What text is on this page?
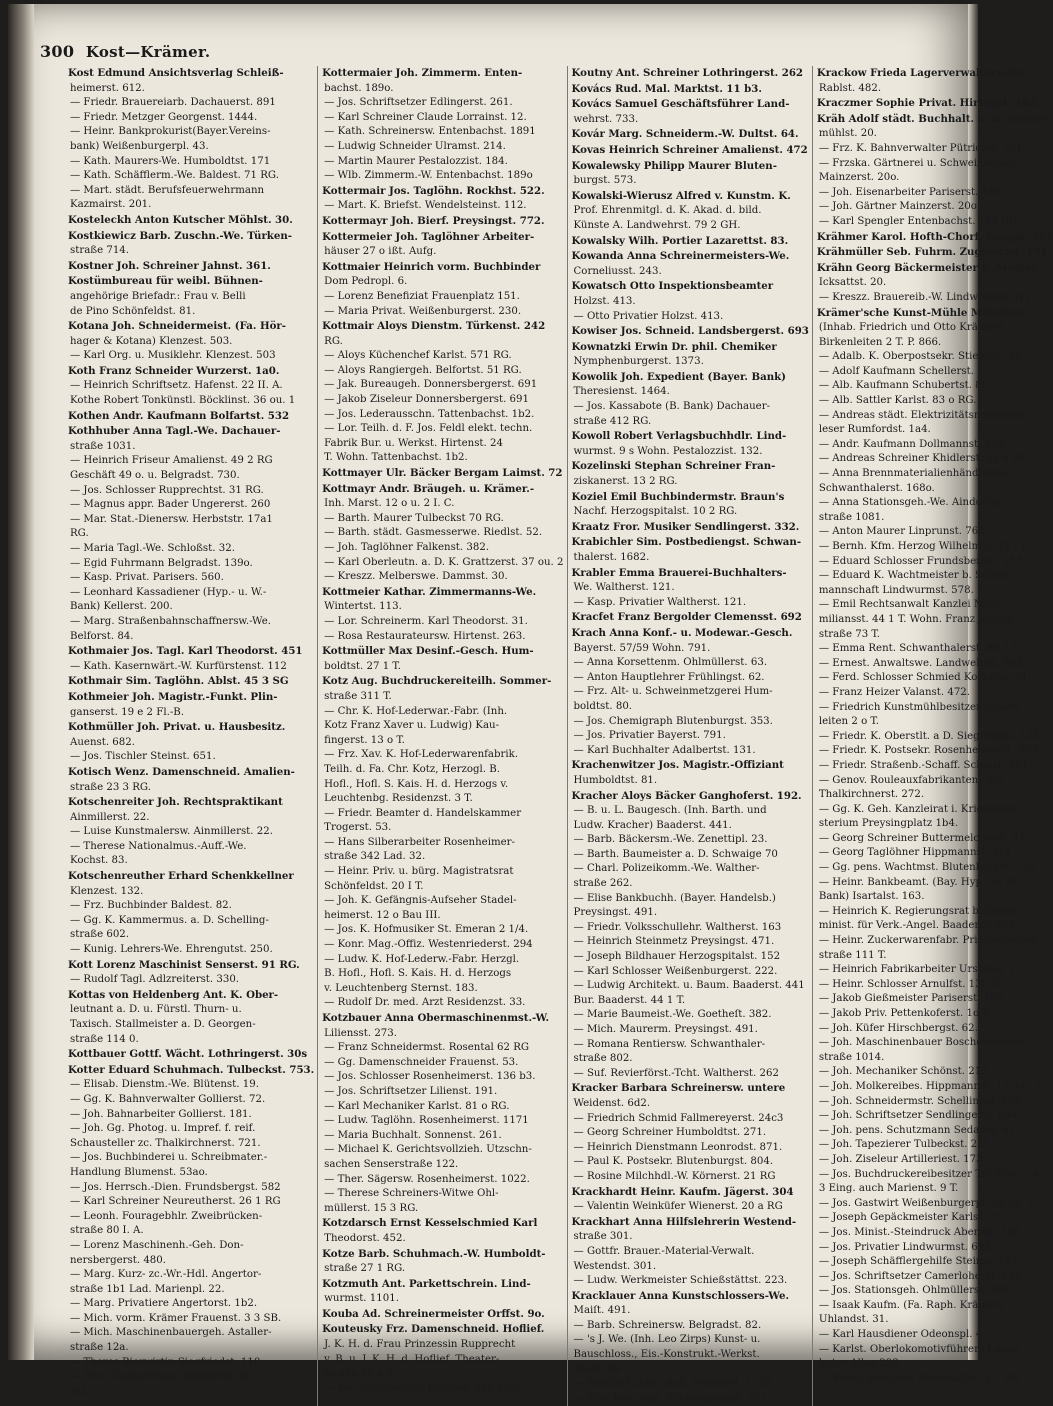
300 Kost—Krämer.
Kost Edmund Ansichtsverlag Schleiß-
heimerst. 612.
— Friedr. Brauereiarb. Dachauerst. 891
— Friedr. Metzger Georgenst. 1444.
— Heinr. Bankprokurist(Bayer.Vereins-
bank) Weißenburgerpl. 43.
— Kath. Maurers-We. Humboldtst. 171
— Kath. Schäfflerm.-We. Baldest. 71 RG.
— Mart. städt. Berufsfeuerwehrmann
Kazmairst. 201.
Kosteleckh Anton Kutscher Möhlst. 30.
Kostkiewicz Barb. Zuschn.-We. Türken-
straße 714.
Kostner Joh. Schreiner Jahnst. 361.
Kostümbureau für weibl. Bühnen-
angehörige Briefadr.: Frau v. Belli
de Pino Schönfeldst. 81.
Kotana Joh. Schneidermeist. (Fa. Hör-
hager & Kotana) Klenzest. 503.
— Karl Org. u. Musiklehr. Klenzest. 503
Koth Franz Schneider Wurzerst. 1a0.
— Heinrich Schriftsetz. Hafenst. 22 II. A.
Kothe Robert Tonkünstl. Böcklinst. 36 ou. 1
Kothen Andr. Kaufmann Bolfartst. 532
Kothhuber Anna Tagl.-We. Dachauer-
straße 1031.
— Heinrich Friseur Amalienst. 49 2 RG
Geschäft 49 o. u. Belgradst. 730.
— Jos. Schlosser Rupprechtst. 31 RG.
— Magnus appr. Bader Ungererst. 260
— Mar. Stat.-Dienersw. Herbststr. 17a1
RG.
— Maria Tagl.-We. Schloßst. 32.
— Egid Fuhrmann Belgradst. 139o.
— Kasp. Privat. Parisers. 560.
— Leonhard Kassadiener (Hyp.- u. W.-
Bank) Kellerst. 200.
— Marg. Straßenbahnschaffnersw.-We.
Belforst. 84.
Kothmaier Jos. Tagl. Karl Theodorst. 451
— Kath. Kasernwärt.-W. Kurfürstenst. 112
Kothmair Sim. Taglöhn. Ablst. 45 3 SG
Kothmeier Joh. Magistr.-Funkt. Plin-
ganserst. 19 e 2 Fl.-B.
Kothmüller Joh. Privat. u. Hausbesitz.
Auenst. 682.
— Jos. Tischler Steinst. 651.
Kotisch Wenz. Damenschneid. Amalien-
straße 23 3 RG.
Kotschenreiter Joh. Rechtspraktikant
Ainmillerst. 22.
— Luise Kunstmalersw. Ainmillerst. 22.
— Therese Nationalmus.-Auff.-We.
Kochst. 83.
Kotschenreuther Erhard Schenkkellner
Klenzest. 132.
— Frz. Buchbinder Baldest. 82.
— Gg. K. Kammermus. a. D. Schelling-
straße 602.
— Kunig. Lehrers-We. Ehrengutst. 250.
Kott Lorenz Maschinist Senserst. 91 RG.
— Rudolf Tagl. Adlzreiterst. 330.
Kottas von Heldenberg Ant. K. Ober-
leutnant a. D. u. Fürstl. Thurn- u.
Taxisch. Stallmeister a. D. Georgen-
straße 114 0.
Kottbauer Gottf. Wächt. Lothringerst. 30s
Kotter Eduard Schuhmach. Tulbeckst. 753.
— Elisab. Dienstm.-We. Blütenst. 19.
— Gg. K. Bahnverwalter Gollierst. 72.
— Joh. Bahnarbeiter Gollierst. 181.
— Joh. Gg. Photog. u. Impref. f. reif.
Schausteller zc. Thalkirchnerst. 721.
— Jos. Buchbinderei u. Schreibmater.-
Handlung Blumenst. 53ao.
— Jos. Herrsch.-Dien. Frundsbergst. 582
— Karl Schreiner Neureutherst. 26 1 RG
— Leonh. Fouragebhlr. Zweibrücken-
straße 80 I. A.
— Lorenz Maschinenh.-Geh. Don-
nersbergerst. 480.
— Marg. Kurz- zc.-Wr.-Hdl. Angertor-
straße 1b1 Lad. Marienpl. 22.
— Marg. Privatiere Angertorst. 1b2.
— Mich. vorm. Krämer Frauenst. 3 3 SB.
— Mich. Maschinenbauergeh. Astaller-
straße 12a.
— Theres Bierwirtin Siegfriedst. 110.
— Ther. Gastwirtswe. Dänkleist. 9o.
RG.
Kottermaier Joh. Zimmerm. Enten-
bachst. 189o.
— Jos. Schriftsetzer Edlingerst. 261.
— Karl Schreiner Claude Lorrainst. 12.
— Kath. Schreinersw. Entenbachst. 1891
— Ludwig Schneider Ulramst. 214.
— Martin Maurer Pestalozzist. 184.
— Wlb. Zimmerm.-W. Entenbachst. 189o
Kottermair Jos. Taglöhn. Rockhst. 522.
— Mart. K. Briefst. Wendelsteinst. 112.
Kottermayr Joh. Bierf. Preysingst. 772.
Kottermeier Joh. Taglöhner Arbeiter-
häuser 27 o ißt. Aufg.
Kottmaier Heinrich vorm. Buchbinder
Dom Pedropl. 6.
— Lorenz Benefiziat Frauenplatz 151.
— Maria Privat. Weißenburgerst. 230.
Kottmair Aloys Dienstm. Türkenst. 242
RG.
— Aloys Küchenchef Karlst. 571 RG.
— Aloys Rangiergeh. Belfortst. 51 RG.
— Jak. Bureaugeh. Donnersbergerst. 691
— Jakob Ziseleur Donnersbergerst. 691
— Jos. Lederausschn. Tattenbachst. 1b2.
— Lor. Teilh. d. F. Jos. Feldl elekt. techn.
Fabrik Bur. u. Werkst. Hirtenst. 24
T. Wohn. Tattenbachst. 1b2.
Kottmayer Ulr. Bäcker Bergam Laimst. 72
Kottmayr Andr. Bräugeh. u. Krämer.-
Inh. Marst. 12 o u. 2 I. C.
— Barth. Maurer Tulbeckst 70 RG.
— Barth. städt. Gasmesserwe. Riedlst. 52.
— Joh. Taglöhner Falkenst. 382.
— Karl Oberleutn. a. D. K. Grattzerst. 37 ou. 2
— Kreszz. Melberswe. Dammst. 30.
Kottmeier Kathar. Zimmermanns-We.
Wintertst. 113.
— Lor. Schreinerm. Karl Theodorst. 31.
— Rosa Restaurateursw. Hirtenst. 263.
Kottmüller Max Desinf.-Gesch. Hum-
boldtst. 27 1 T.
Kotz Aug. Buchdruckereiteilh. Sommer-
straße 311 T.
— Chr. K. Hof-Lederwar.-Fabr. (Inh.
Kotz Franz Xaver u. Ludwig) Kau-
fingerst. 13 o T.
— Frz. Xav. K. Hof-Lederwarenfabrik.
Teilh. d. Fa. Chr. Kotz, Herzogl. B.
Hofl., Hofl. S. Kais. H. d. Herzogs v.
Leuchtenbg. Residenzst. 3 T.
— Friedr. Beamter d. Handelskammer
Trogerst. 53.
— Hans Silberarbeiter Rosenheimer-
straße 342 Lad. 32.
— Heinr. Priv. u. bürg. Magistratsrat
Schönfeldst. 20 I T.
— Joh. K. Gefängnis-Aufseher Stadel-
heimerst. 12 o Bau III.
— Jos. K. Hofmusiker St. Emeran 2 1/4.
— Konr. Mag.-Offiz. Westenriederst. 294
— Ludw. K. Hof-Lederw.-Fabr. Herzgl.
B. Hofl., Hofl. S. Kais. H. d. Herzogs
v. Leuchtenberg Sternst. 183.
— Rudolf Dr. med. Arzt Residenzst. 33.
Kotzbauer Anna Obermaschinenmst.-W.
Liliensst. 273.
— Franz Schneidermst. Rosental 62 RG
— Gg. Damenschneider Frauenst. 53.
— Jos. Schlosser Rosenheimerst. 136 b3.
— Jos. Schriftsetzer Lilienst. 191.
— Karl Mechaniker Karlst. 81 o RG.
— Ludw. Taglöhn. Rosenheimerst. 1171
— Maria Buchhalt. Sonnenst. 261.
— Michael K. Gerichtsvollzieh. Utzschn-
sachen Senserstraße 122.
— Ther. Sägersw. Rosenheimerst. 1022.
— Therese Schreiners-Witwe Ohl-
müllerst. 15 3 RG.
Kotzdarsch Ernst Kesselschmied Karl
Theodorst. 452.
Kotze Barb. Schuhmach.-W. Humboldt-
straße 27 1 RG.
Kotzmuth Ant. Parkettschrein. Lind-
wurmst. 1101.
Kouba Ad. Schreinermeister Orffst. 9o.
Kouteusky Frz. Damenschneid. Hoflief.
J. K. H. d. Frau Prinzessin Rupprecht
v. B. u. J. K. H. d. Hoflief. Theater-
straße 38 o T.
— Jos. Zuschneider Herrnst. 27a Entr.
Koutny Ant. Schreiner Lothringerst. 262
Kovács Rud. Mal. Marktst. 11 b3.
Kovács Samuel Geschäftsführer Land-
wehrst. 733.
Kovár Marg. Schneiderm.-W. Dultst. 64.
Kovas Heinrich Schreiner Amalienst. 472
Kowalewsky Philipp Maurer Bluten-
burgst. 573.
Kowalski-Wierusz Alfred v. Kunstm. K.
Prof. Ehrenmitgl. d. K. Akad. d. bild.
Künste A. Landwehrst. 79 2 GH.
Kowalsky Wilh. Portier Lazarettst. 83.
Kowanda Anna Schreinermeisters-We.
Corneliusst. 243.
Kowatsch Otto Inspektionsbeamter
Holzst. 413.
— Otto Privatier Holzst. 413.
Kowiser Jos. Schneid. Landsbergerst. 693
Kownatzki Erwin Dr. phil. Chemiker
Nymphenburgerst. 1373.
Kowolik Joh. Expedient (Bayer. Bank)
Theresienst. 1464.
— Jos. Kassabote (B. Bank) Dachauer-
straße 412 RG.
Kowoll Robert Verlagsbuchhdlr. Lind-
wurmst. 9 s Wohn. Pestalozzist. 132.
Kozelinski Stephan Schreiner Fran-
ziskanerst. 13 2 RG.
Koziel Emil Buchbindermstr. Braun's
Nachf. Herzogspitalst. 10 2 RG.
Kraatz Fror. Musiker Sendlingerst. 332.
Krabichler Sim. Postbediengst. Schwan-
thalerst. 1682.
Krabler Emma Brauerei-Buchhalters-
We. Waltherst. 121.
— Kasp. Privatier Waltherst. 121.
Kracfet Franz Bergolder Clemensst. 692
Krach Anna Konf.- u. Modewar.-Gesch.
Bayerst. 57/59 Wohn. 791.
— Anna Korsettenm. Ohlmüllerst. 63.
— Anton Hauptlehrer Frühlingst. 62.
— Frz. Alt- u. Schweinmetzgerei Hum-
boldtst. 80.
— Jos. Chemigraph Blutenburgst. 353.
— Jos. Privatier Bayerst. 791.
— Karl Buchhalter Adalbertst. 131.
Krachenwitzer Jos. Magistr.-Offiziant
Humboldtst. 81.
Kracher Aloys Bäcker Ganghoferst. 192.
— B. u. L. Baugesch. (Inh. Barth. und
Ludw. Kracher) Baaderst. 441.
— Barb. Bäckersm.-We. Zenettipl. 23.
— Barth. Baumeister a. D. Schwaige 70
— Charl. Polizeikomm.-We. Walther-
straße 262.
— Elise Bankbuchh. (Bayer. Handelsb.)
Preysingst. 491.
— Friedr. Volksschullehr. Waltherst. 163
— Heinrich Steinmetz Preysingst. 471.
— Joseph Bildhauer Herzogspitalst. 152
— Karl Schlosser Weißenburgerst. 222.
— Ludwig Architekt. u. Baum. Baaderst. 441
Bur. Baaderst. 44 1 T.
— Marie Baumeist.-We. Goetheſt. 382.
— Mich. Maurerm. Preysingst. 491.
— Romana Rentiersw. Schwanthaler-
straße 802.
— Suf. Revierförst.-Tcht. Waltherst. 262
Kracker Barbara Schreinersw. untere
Weidenst. 6d2.
— Friedrich Schmid Fallmereyerst. 24c3
— Georg Schreiner Humboldtst. 271.
— Heinrich Dienstmann Leonrodst. 871.
— Paul K. Postsekr. Blutenburgst. 804.
— Rosine Milchhdl.-W. Körnerst. 21 RG
Krackhardt Heinr. Kaufm. Jägerst. 304
— Valentin Weinküfer Wienerst. 20 a RG
Krackhart Anna Hilfslehrerin Westend-
straße 301.
— Gottfr. Brauer.-Material-Verwalt.
Westendst. 301.
— Ludw. Werkmeister Schießstättst. 223.
Kracklauer Anna Kunstschlossers-We.
Maiſt. 491.
— Barb. Schreinersw. Belgradst. 82.
— 's J. We. (Inh. Leo Zirps) Kunst- u.
Bauschloss., Eis.-Konstrukt.-Werkst.
Maiſt. 49 T.
— Martin Fuhrm. äuß. Wienerst. 1153.
— Paul Dek.-Mal. Schraudolphst. 281.
Krackow Frieda Lagerverwalters-We.
Rablst. 482.
Kraczmer Sophie Privat. Hirtenst. 142.
Kräh Adolf städt. Buchhalt. a. D. Wester-
mühlst. 20.
— Frz. K. Bahnverwalter Pütrichst. 3a1.
— Frzska. Gärtnerei u. Schweinemäst.
Mainzerst. 20o.
— Joh. Eisenarbeiter Pariserst. 191.
— Joh. Gärtner Mainzerst. 20o.
— Karl Spengler Entenbachst. 102 RG.
Krähmer Karol. Hofth-Chorf. Burgst. 101
Krähmüller Seb. Fuhrm. Zugspitzst. 171.
Krähn Georg Bäckermeister u. Melber
Icksattst. 20.
— Kreszz. Brauereib.-W. Lindwurmst 312
Krämer'sche Kunst-Mühle München
(Inhab. Friedrich und Otto Krämer)
Birkenleiten 2 T. P. 866.
— Adalb. K. Oberpostsekr. Stielerst. 40.
— Adolf Kaufmann Schellerst. 7.
— Alb. Kaufmann Schubertst. 80 T.
— Alb. Sattler Karlst. 83 o RG.
— Andreas städt. Elektrizitätsmesserab-
leser Rumfordst. 1a4.
— Andr. Kaufmann Dollmannst. 173.
— Andreas Schreiner Khidlerst. 32 o RG.
— Anna Brennmaterialienhändlersw.
Schwanthalerst. 168o.
— Anna Stationsgeh.-We. Aindorfer-
straße 1081.
— Anton Maurer Linprunst. 763.
— Bernh. Kfm. Herzog Wilhelmst. 12 I T.
— Eduard Schlosser Frundsbergst. 153.
— Eduard K. Wachtmeister b. Schutz-
mannschaft Lindwurmst. 578.
— Emil Rechtsanwalt Kanzlei Maxi-
miliansst. 44 1 T. Wohn. Franz Joseph-
straße 73 T.
— Emma Rent. Schwanthalerst. 86 1 T.
— Ernest. Anwaltswe. Landwehrst. 602.
— Ferd. Schlosser Schmied Kochelst. 31.
— Franz Heizer Valanst. 472.
— Friedrich Kunstmühlbesitzer Birken-
leiten 2 o T.
— Friedr. K. Oberstlt. a D. Siegfriedst. 123
— Friedr. K. Postsekr. Rosenheimerst. 363
— Friedr. Straßenb.-Schaff. Schulst. 321
— Genov. Rouleauxfabrikantens-We.
Thalkirchnerst. 272.
— Gg. K. Geh. Kanzleirat i. Kriegsmini-
sterium Preysingplatz 1b4.
— Georg Schreiner Buttermelcherst. 41.
— Georg Taglöhner Hippmannst. 111.
— Gg. pens. Wachtmst. Blutenburgst. 75o
— Heinr. Bankbeamt. (Bay. Hyp.- u. W.-
Bank) Isartalst. 163.
— Heinrich K. Regierungsrat b. Staats-
minist. für Verk.-Angel. Baaderst. 753
— Heinr. Zuckerwarenfabr. Prinzregenten-
straße 111 T.
— Heinrich Fabrikarbeiter Ursulast. 21.
— Heinr. Schlosser Arnulfst. 130 3.
— Jakob Gießmeister Pariserst. 153.
— Jakob Priv. Pettenkoferst. 1o T.
— Joh. Küfer Hirschbergst. 62.
— Joh. Maschinenbauer Boschetsrieder-
straße 1014.
— Joh. Mechaniker Schönst. 213.
— Joh. Molkereibes. Hippmannst. 11 o u. 1
— Joh. Schneidermstr. Schellingst. 484.
— Joh. Schriftsetzer Sendlingerst. 854.
— Joh. pens. Schutzmann Sedanst. 51.
— Joh. Tapezierer Tulbeckst. 231.
— Joh. Ziseleur Artilleriest. 173.
— Jos. Buchdruckereibesitzer Tal 30 o u. 4
3 Eing. auch Marienst. 9 T.
— Jos. Gastwirt Weißenburgerpl. 30 ou. 1.
— Joseph Gepäckmeister Karlst. 771.
— Jos. Minist.-Steindruck Aberlest 143.
— Jos. Privatier Lindwurmst. 623.
— Joseph Schäfflergehilfe Steinst. 482.
— Jos. Schriftsetzer Camerloherst. 641.
— Jos. Stationsgeh. Ohlmüllerst. 204
— Isaak Kaufm. (Fa. Raph. Krämer)
Uhlandst. 31.
— Karl Hausdiener Odeonspl. 4.
— Karlst. Oberlokomotivführers Lands-
huter Allee 223.
— Karol. Bräugeh. Wackstattst. 2 1 RG
